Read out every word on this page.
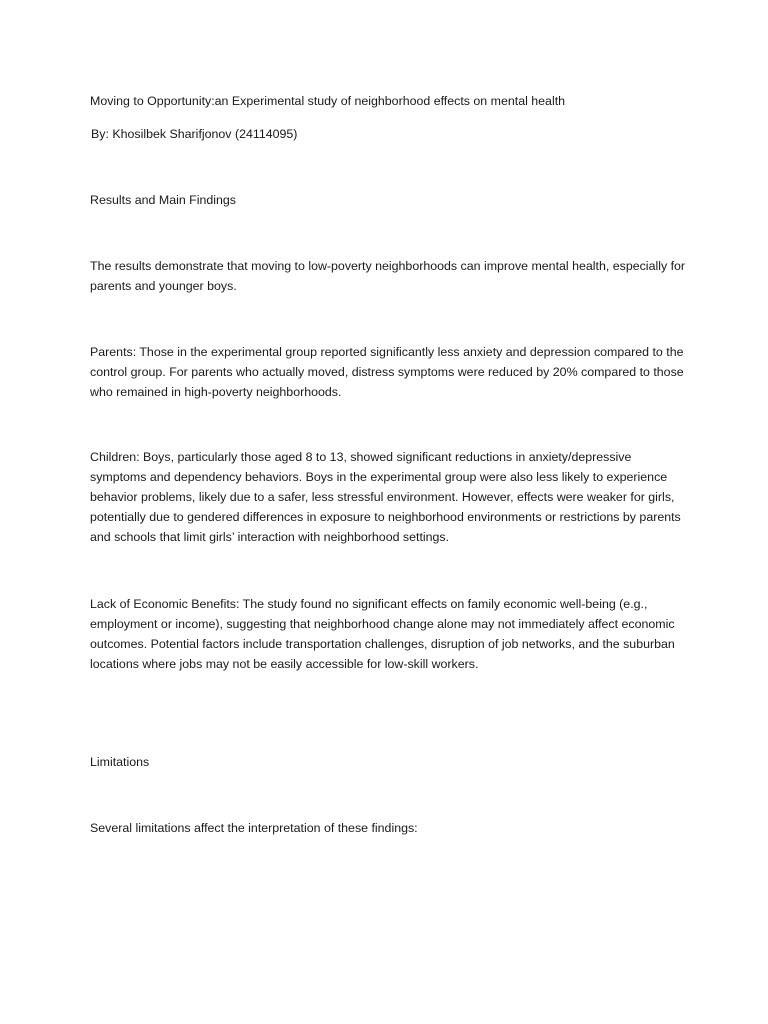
Moving to Opportunity:an Experimental study of neighborhood effects on mental health

By: Khosilbek Sharifjonov (24114095)

Results and Main Findings

The results demonstrate that moving to low-poverty neighborhoods can improve mental health, especially for parents and younger boys.

Parents: Those in the experimental group reported significantly less anxiety and depression compared to the control group. For parents who actually moved, distress symptoms were reduced by 20% compared to those who remained in high-poverty neighborhoods.

Children: Boys, particularly those aged 8 to 13, showed significant reductions in anxiety/depressive symptoms and dependency behaviors. Boys in the experimental group were also less likely to experience behavior problems, likely due to a safer, less stressful environment. However, effects were weaker for girls, potentially due to gendered differences in exposure to neighborhood environments or restrictions by parents and schools that limit girls’ interaction with neighborhood settings.

Lack of Economic Benefits: The study found no significant effects on family economic well-being (e.g., employment or income), suggesting that neighborhood change alone may not immediately affect economic outcomes. Potential factors include transportation challenges, disruption of job networks, and the suburban locations where jobs may not be easily accessible for low-skill workers.

Limitations

Several limitations affect the interpretation of these findings:
